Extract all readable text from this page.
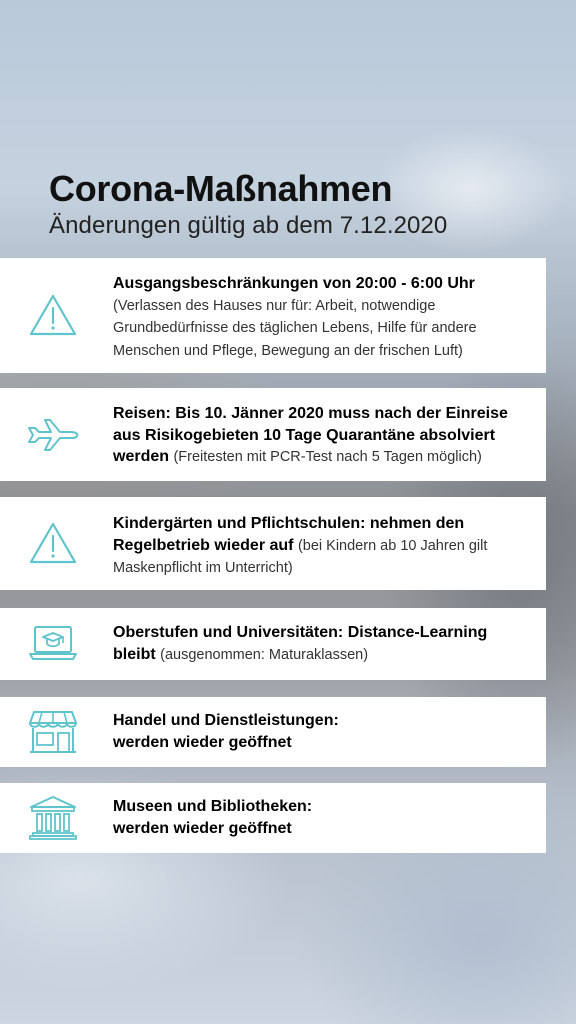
Corona-Maßnahmen
Änderungen gültig ab dem 7.12.2020
Ausgangsbeschränkungen von 20:00 - 6:00 Uhr
(Verlassen des Hauses nur für: Arbeit, notwendige Grundbedürfnisse des täglichen Lebens, Hilfe für andere Menschen und Pflege, Bewegung an der frischen Luft)
Reisen: Bis 10. Jänner 2020 muss nach der Einreise aus Risikogebieten 10 Tage Quarantäne absolviert werden (Freitesten mit PCR-Test nach 5 Tagen möglich)
Kindergärten und Pflichtschulen: nehmen den Regelbetrieb wieder auf (bei Kindern ab 10 Jahren gilt Maskenpflicht im Unterricht)
Oberstufen und Universitäten: Distance-Learning bleibt (ausgenommen: Maturaklassen)
Handel und Dienstleistungen:
werden wieder geöffnet
Museen und Bibliotheken:
werden wieder geöffnet
